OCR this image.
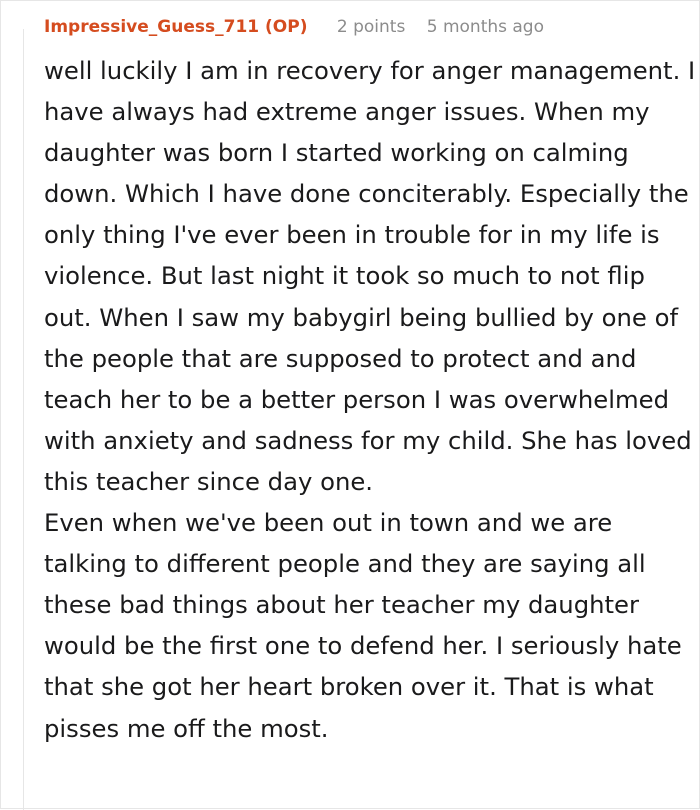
Impressive_Guess_711 (OP) 2 points 5 months ago

well luckily I am in recovery for anger management. I have always had extreme anger issues. When my daughter was born I started working on calming down. Which I have done conciterably. Especially the only thing I've ever been in trouble for in my life is violence. But last night it took so much to not flip out. When I saw my babygirl being bullied by one of the people that are supposed to protect and and teach her to be a better person I was overwhelmed with anxiety and sadness for my child. She has loved this teacher since day one.

Even when we've been out in town and we are talking to different people and they are saying all these bad things about her teacher my daughter would be the first one to defend her. I seriously hate that she got her heart broken over it. That is what pisses me off the most.
